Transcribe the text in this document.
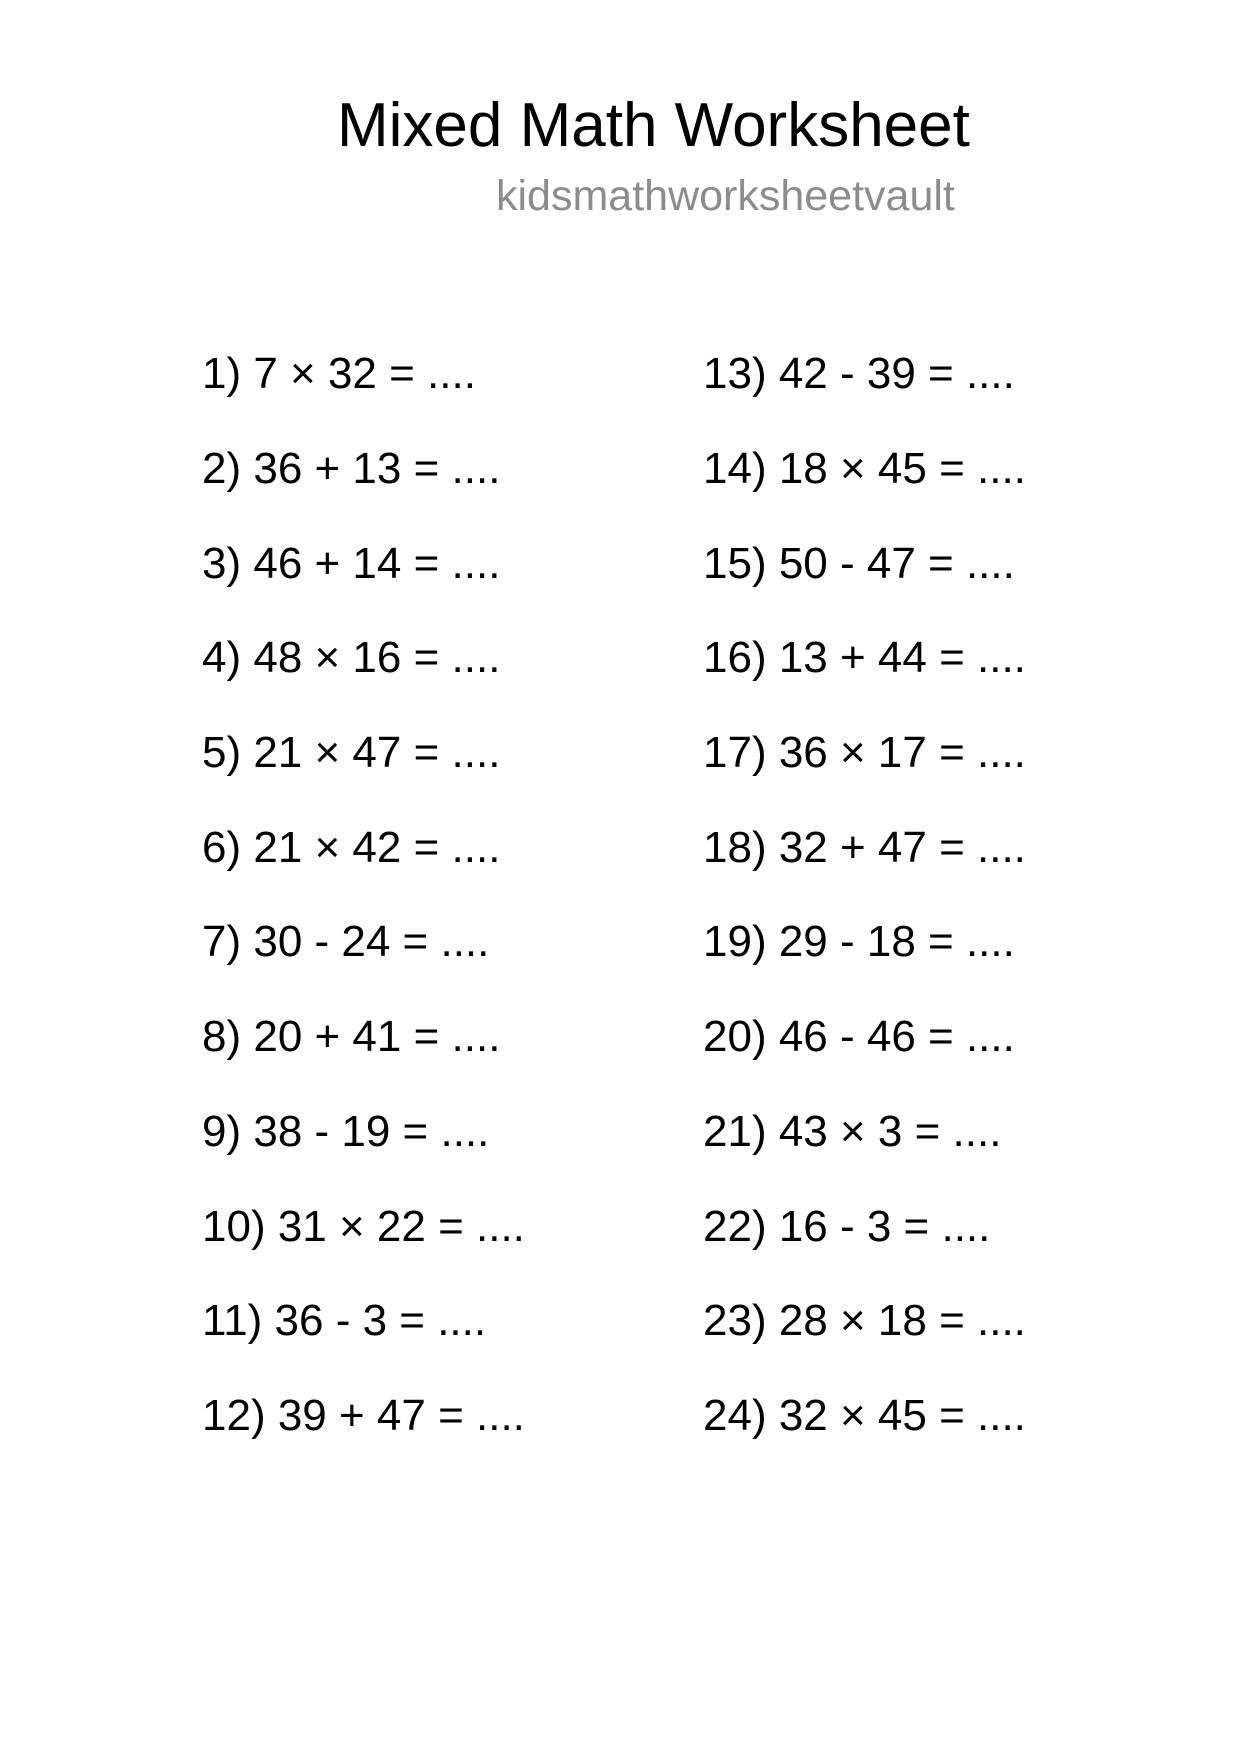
Mixed Math Worksheet
kidsmathworksheetvault
1) 7 × 32 = ....
2) 36 + 13 = ....
3) 46 + 14 = ....
4) 48 × 16 = ....
5) 21 × 47 = ....
6) 21 × 42 = ....
7) 30 - 24 = ....
8) 20 + 41 = ....
9) 38 - 19 = ....
10) 31 × 22 = ....
11) 36 - 3 = ....
12) 39 + 47 = ....
13) 42 - 39 = ....
14) 18 × 45 = ....
15) 50 - 47 = ....
16) 13 + 44 = ....
17) 36 × 17 = ....
18) 32 + 47 = ....
19) 29 - 18 = ....
20) 46 - 46 = ....
21) 43 × 3 = ....
22) 16 - 3 = ....
23) 28 × 18 = ....
24) 32 × 45 = ....
